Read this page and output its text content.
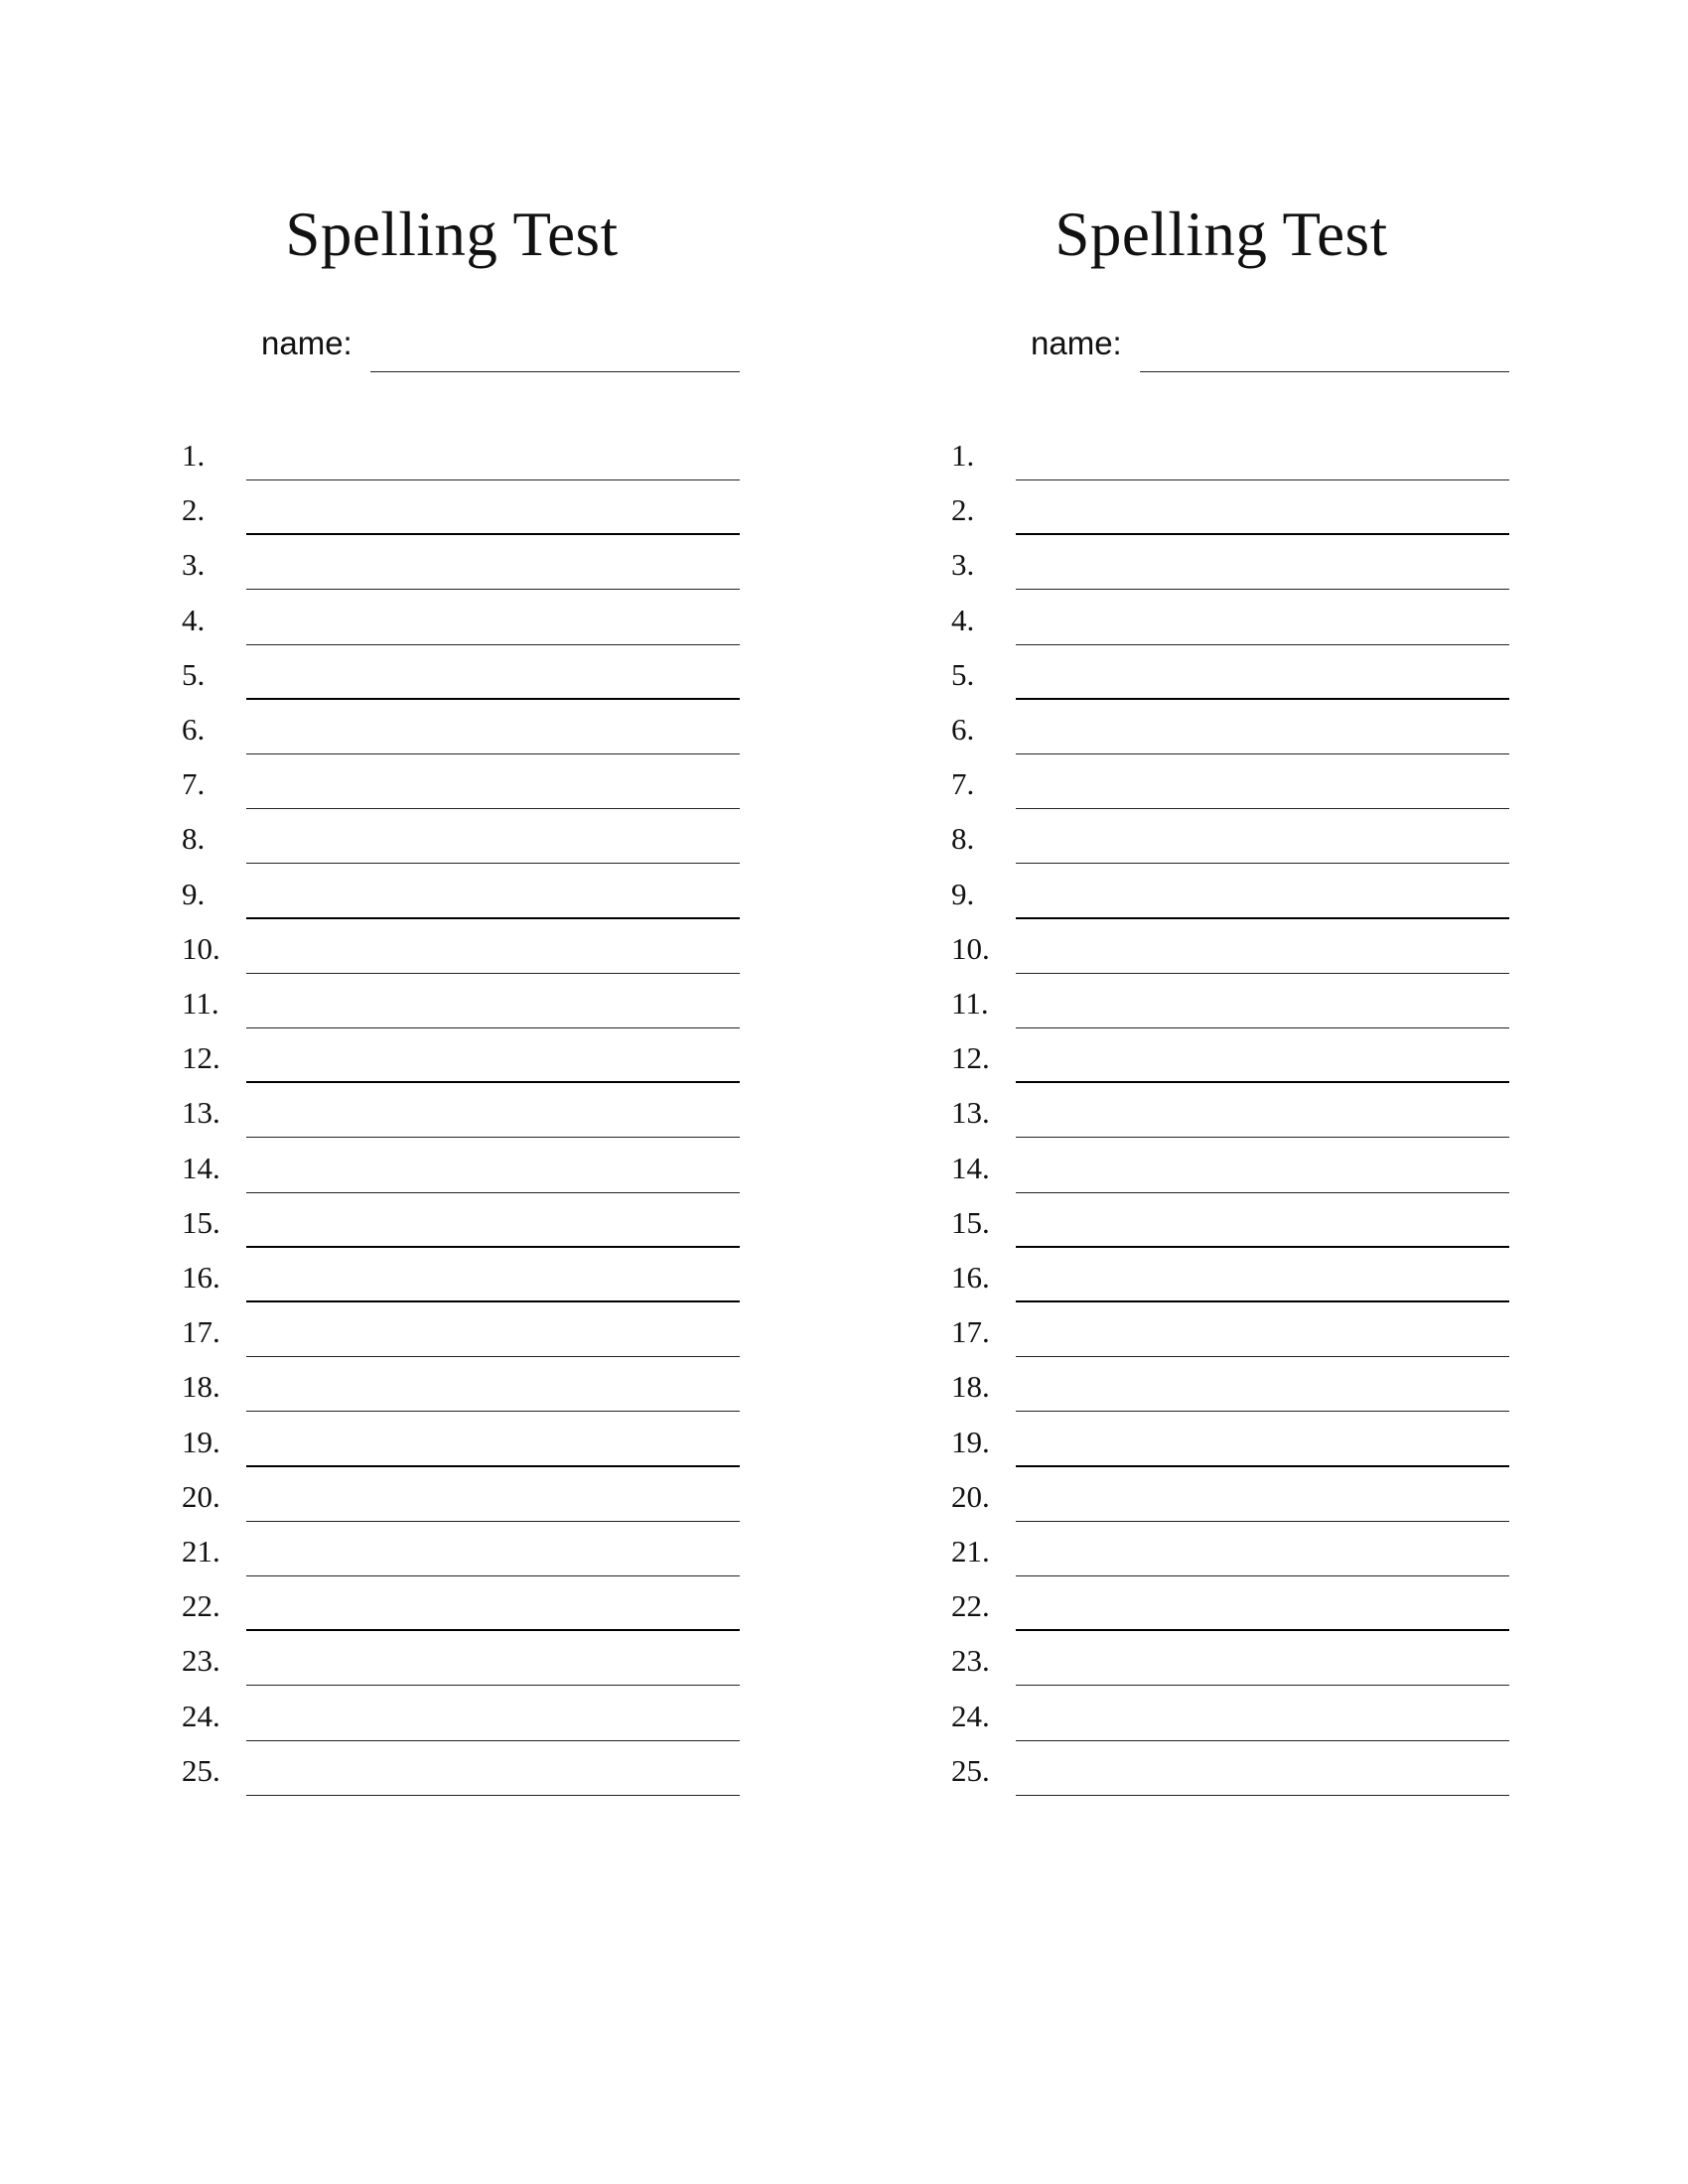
Spelling Test
name:
1.
2.
3.
4.
5.
6.
7.
8.
9.
10.
11.
12.
13.
14.
15.
16.
17.
18.
19.
20.
21.
22.
23.
24.
25.
Spelling Test
name:
1.
2.
3.
4.
5.
6.
7.
8.
9.
10.
11.
12.
13.
14.
15.
16.
17.
18.
19.
20.
21.
22.
23.
24.
25.
